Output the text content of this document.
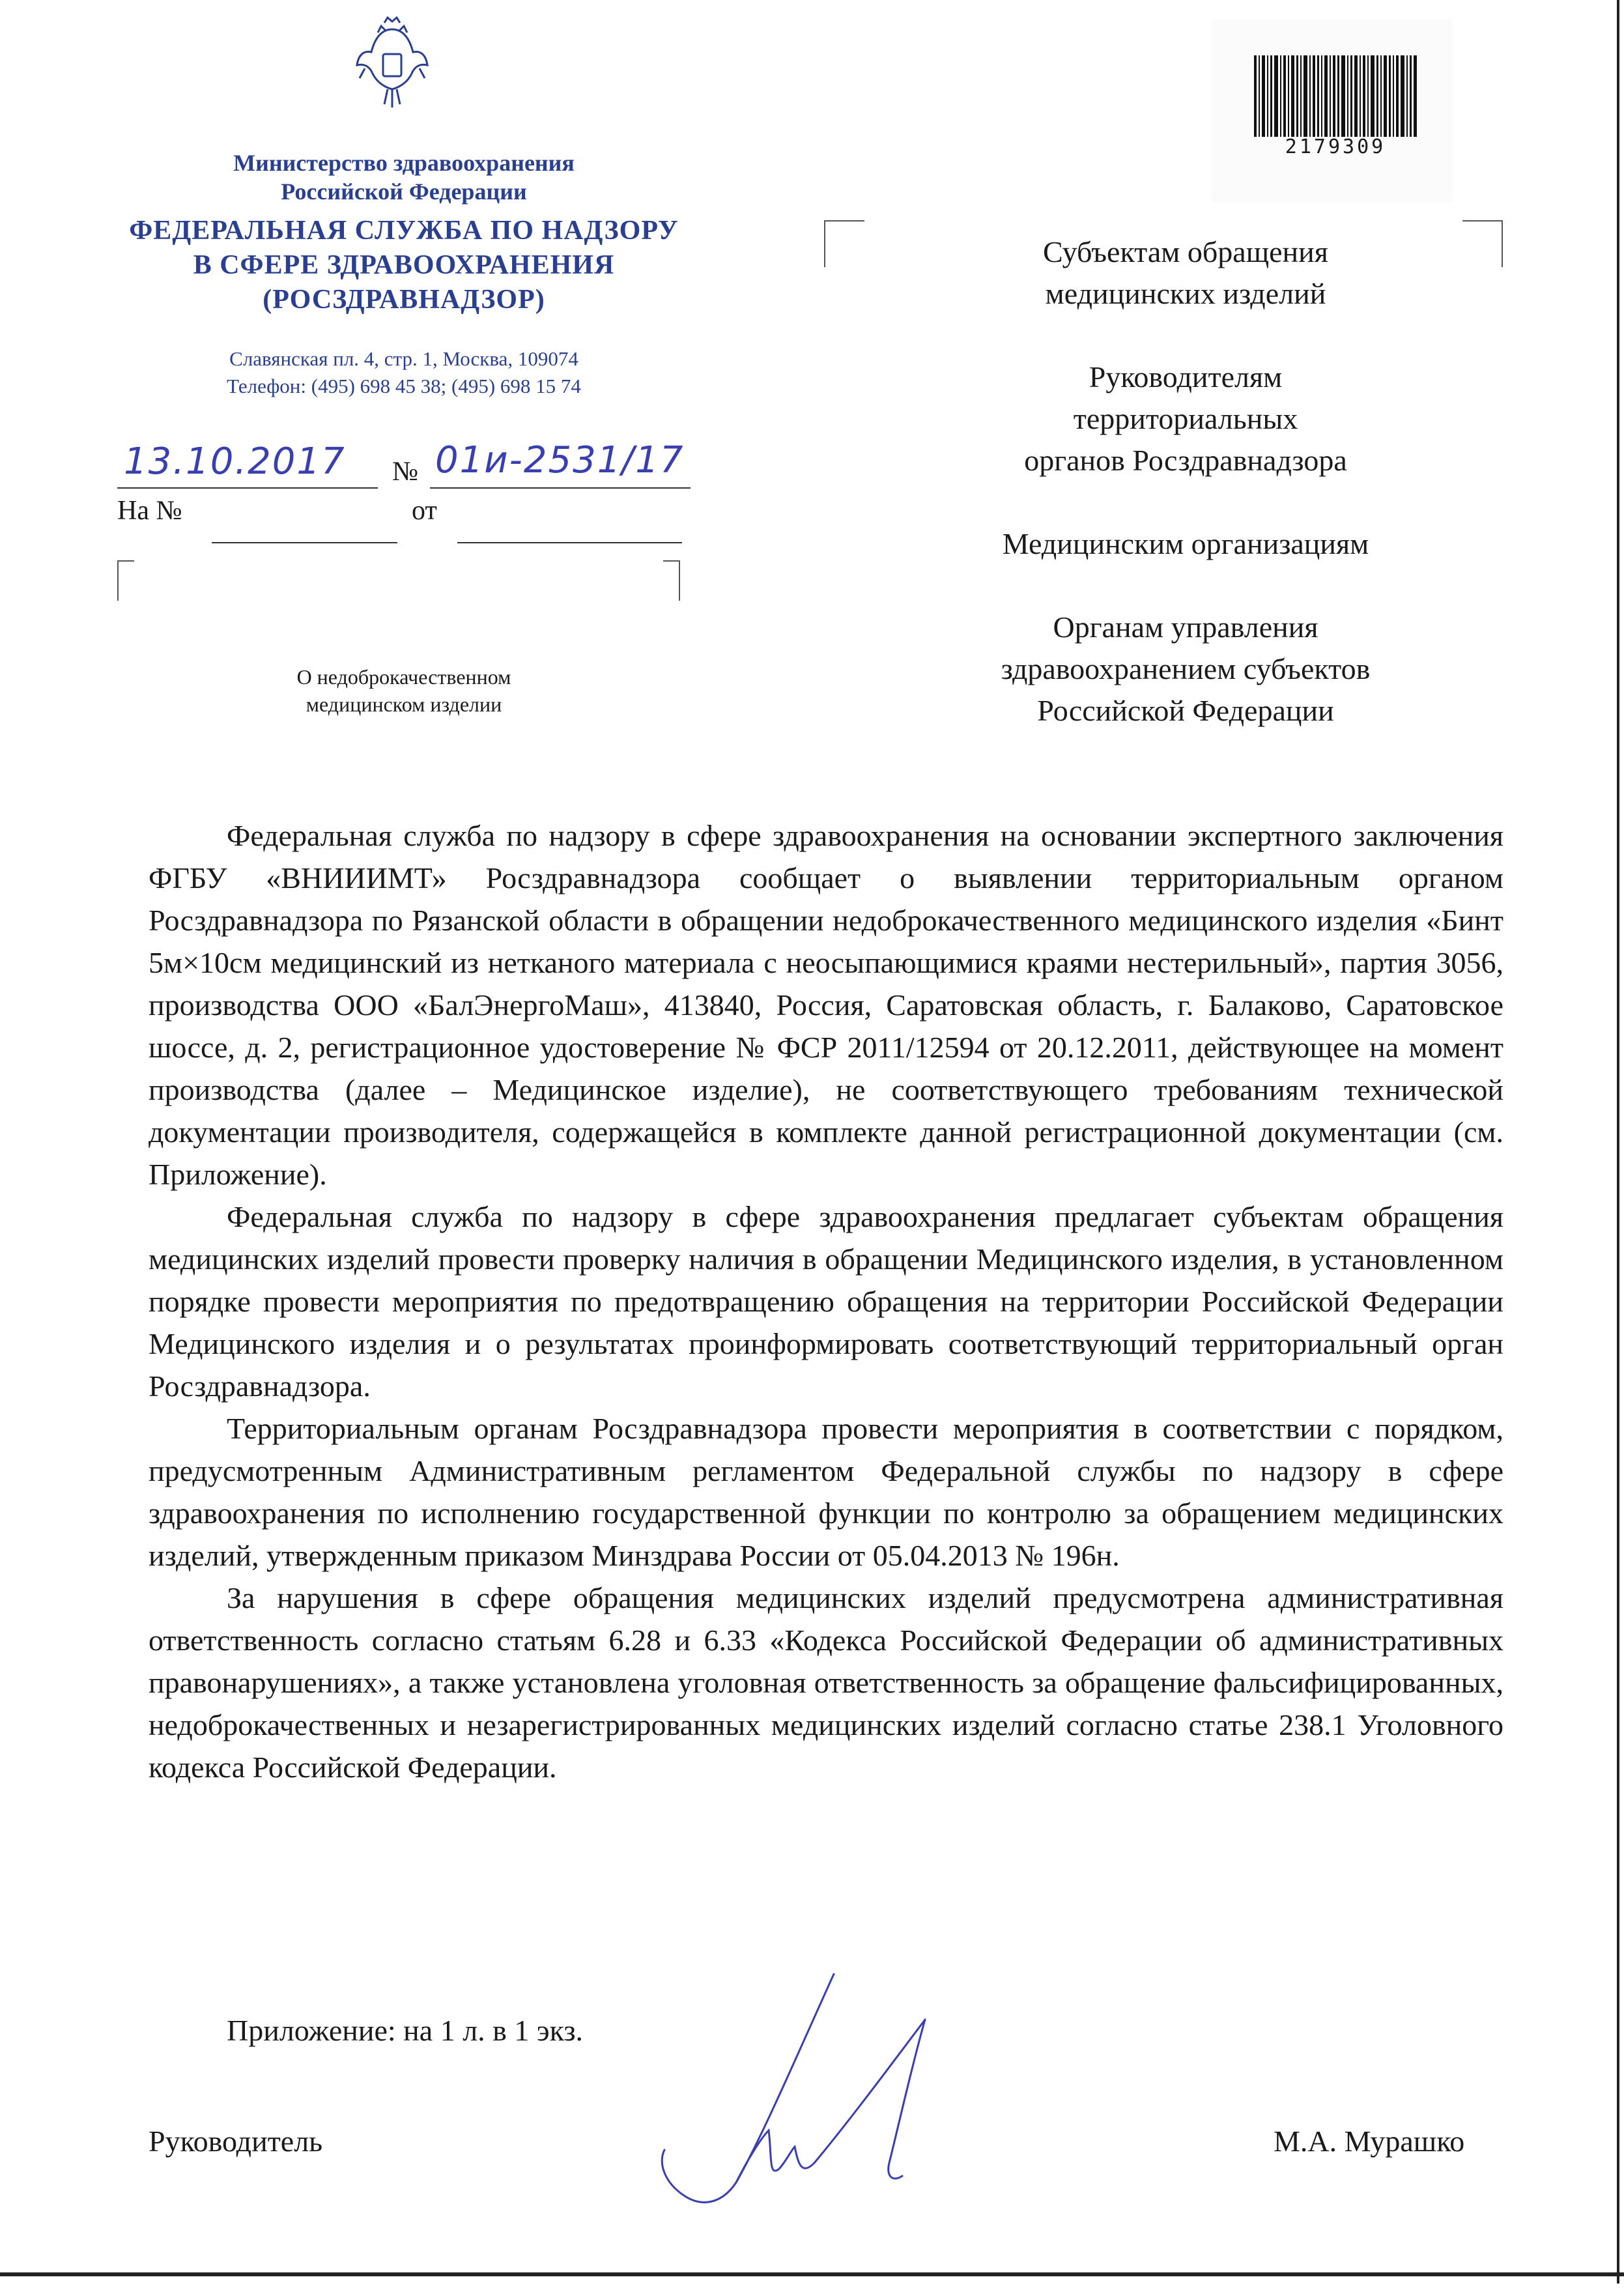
Министерство здравоохранения
Российской Федерации
ФЕДЕРАЛЬНАЯ СЛУЖБА ПО НАДЗОРУ
В СФЕРЕ ЗДРАВООХРАНЕНИЯ
(РОСЗДРАВНАДЗОР)
Славянская пл. 4, стр. 1, Москва, 109074
Телефон: (495) 698 45 38; (495) 698 15 74
13.10.2017 № 01и-2531/17
На №	от
О недоброкачественном
медицинском изделии
2179309
Субъектам обращения
медицинских изделий
Руководителям
территориальных
органов Росздравнадзора
Медицинским организациям
Органам управления
здравоохранением субъектов
Российской Федерации

Федеральная служба по надзору в сфере здравоохранения на основании экспертного заключения ФГБУ «ВНИИИМТ» Росздравнадзора сообщает о выявлении территориальным органом Росздравнадзора по Рязанской области в обращении недоброкачественного медицинского изделия «Бинт 5м×10см медицинский из нетканого материала с неосыпающимися краями нестерильный», партия 3056, производства ООО «БалЭнергоМаш», 413840, Россия, Саратовская область, г. Балаково, Саратовское шоссе, д. 2, регистрационное удостоверение № ФСР 2011/12594 от 20.12.2011, действующее на момент производства (далее – Медицинское изделие), не соответствующего требованиям технической документации производителя, содержащейся в комплекте данной регистрационной документации (см. Приложение).

Федеральная служба по надзору в сфере здравоохранения предлагает субъектам обращения медицинских изделий провести проверку наличия в обращении Медицинского изделия, в установленном порядке провести мероприятия по предотвращению обращения на территории Российской Федерации Медицинского изделия и о результатах проинформировать соответствующий территориальный орган Росздравнадзора.

Территориальным органам Росздравнадзора провести мероприятия в соответствии с порядком, предусмотренным Административным регламентом Федеральной службы по надзору в сфере здравоохранения по исполнению государственной функции по контролю за обращением медицинских изделий, утвержденным приказом Минздрава России от 05.04.2013 № 196н.

За нарушения в сфере обращения медицинских изделий предусмотрена административная ответственность согласно статьям 6.28 и 6.33 «Кодекса Российской Федерации об административных правонарушениях», а также установлена уголовная ответственность за обращение фальсифицированных, недоброкачественных и незарегистрированных медицинских изделий согласно статье 238.1 Уголовного кодекса Российской Федерации.

Приложение: на 1 л. в 1 экз.
Руководитель	М.А. Мурашко
